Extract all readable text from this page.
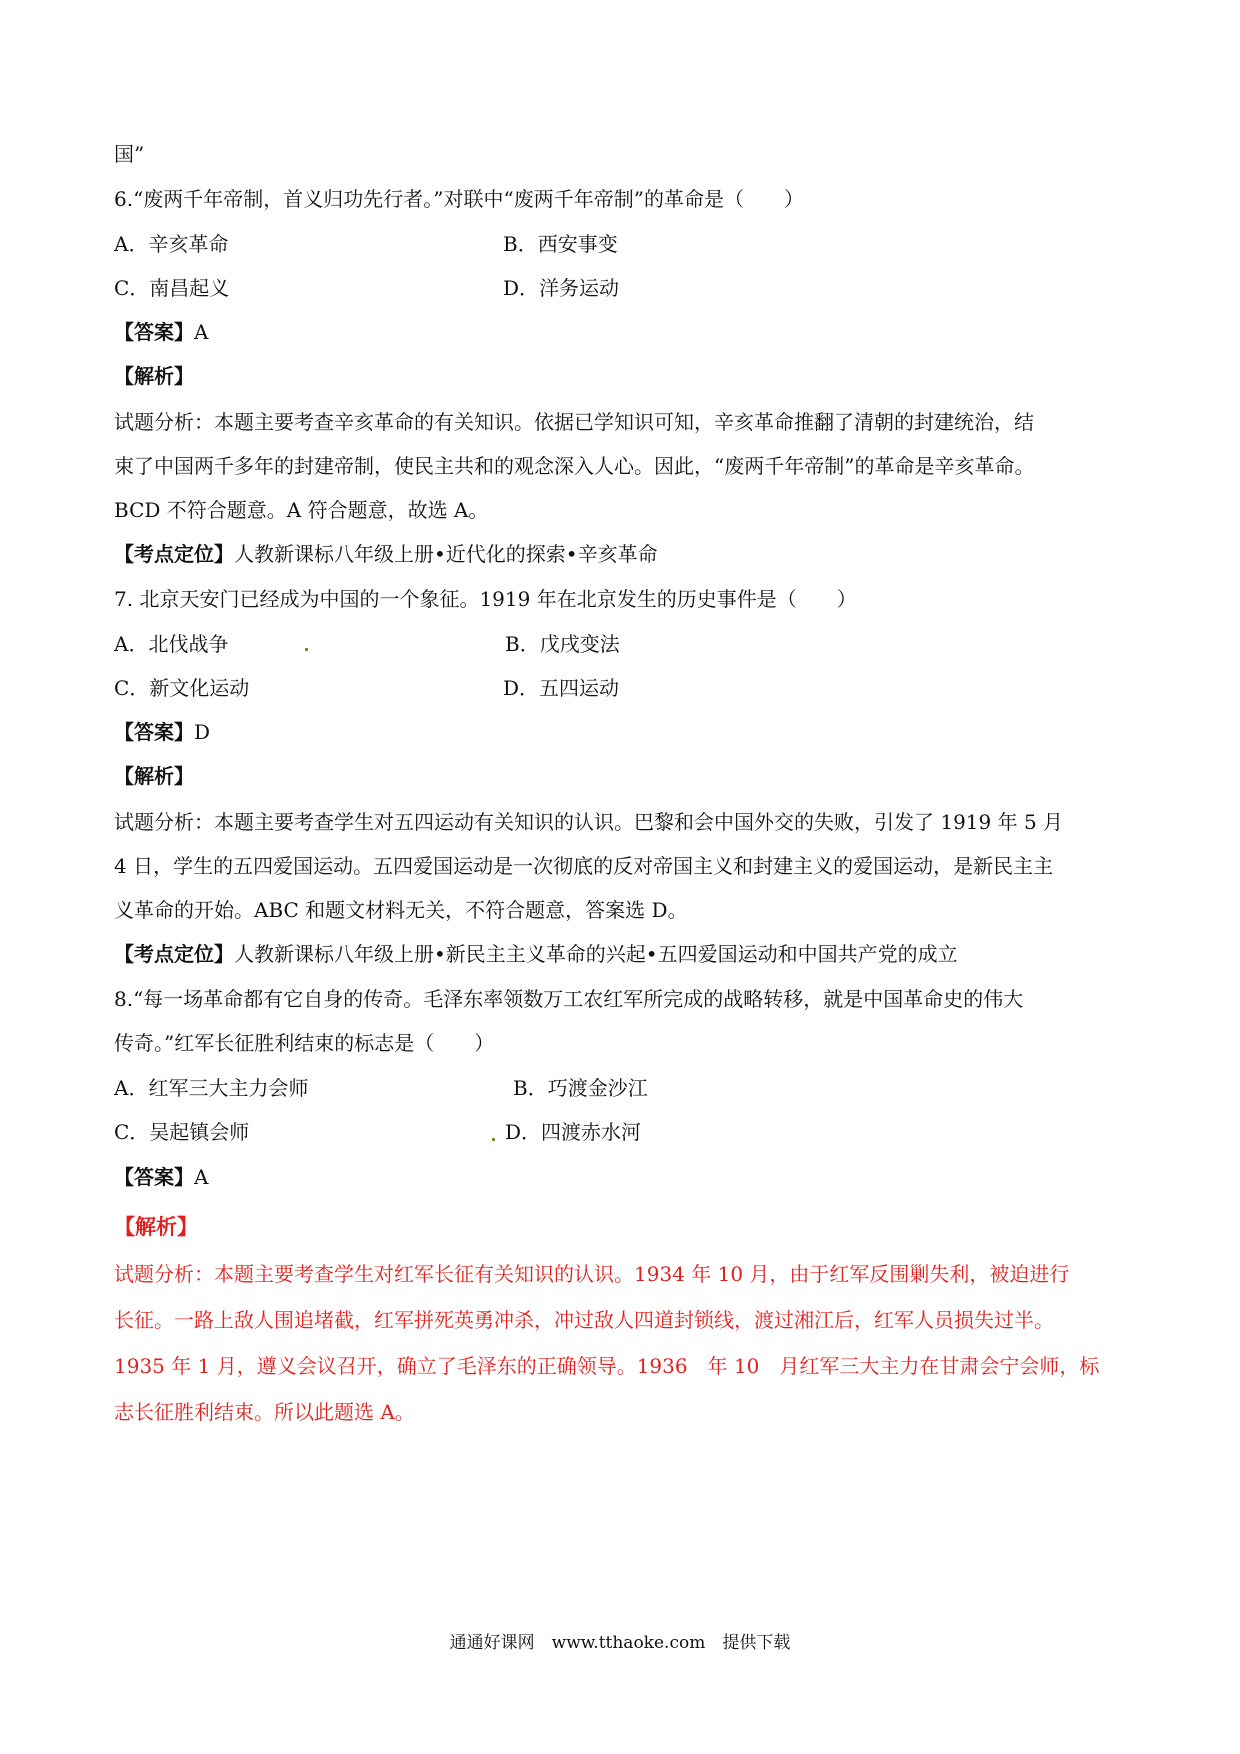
国”
6.“废两千年帝制，首义归功先行者。”对联中“废两千年帝制”的革命是（　　）
A．辛亥革命	B．西安事变
C．南昌起义	D．洋务运动
【答案】A
【解析】
试题分析：本题主要考查辛亥革命的有关知识。依据已学知识可知，辛亥革命推翻了清朝的封建统治，结
束了中国两千多年的封建帝制，使民主共和的观念深入人心。因此，“废两千年帝制”的革命是辛亥革命。
BCD 不符合题意。A 符合题意，故选 A。
【考点定位】人教新课标八年级上册•近代化的探索•辛亥革命
7. 北京天安门已经成为中国的一个象征。1919 年在北京发生的历史事件是（　　）
A．北伐战争	B．戊戌变法
C．新文化运动	D．五四运动
【答案】D
【解析】
试题分析：本题主要考查学生对五四运动有关知识的认识。巴黎和会中国外交的失败，引发了 1919 年 5 月
4 日，学生的五四爱国运动。五四爱国运动是一次彻底的反对帝国主义和封建主义的爱国运动，是新民主主
义革命的开始。ABC 和题文材料无关，不符合题意，答案选 D。
【考点定位】人教新课标八年级上册•新民主主义革命的兴起•五四爱国运动和中国共产党的成立
8.“每一场革命都有它自身的传奇。毛泽东率领数万工农红军所完成的战略转移，就是中国革命史的伟大
传奇。”红军长征胜利结束的标志是（　　）
A．红军三大主力会师	B．巧渡金沙江
C．吴起镇会师	D．四渡赤水河
【答案】A
【解析】
试题分析：本题主要考查学生对红军长征有关知识的认识。1934 年 10 月，由于红军反围剿失利，被迫进行
长征。一路上敌人围追堵截，红军拼死英勇冲杀，冲过敌人四道封锁线，渡过湘江后，红军人员损失过半。
1935 年 1 月，遵义会议召开，确立了毛泽东的正确领导。1936　年 10　月红军三大主力在甘肃会宁会师，标
志长征胜利结束。所以此题选 A。
通通好课网　www.tthaoke.com　提供下载
